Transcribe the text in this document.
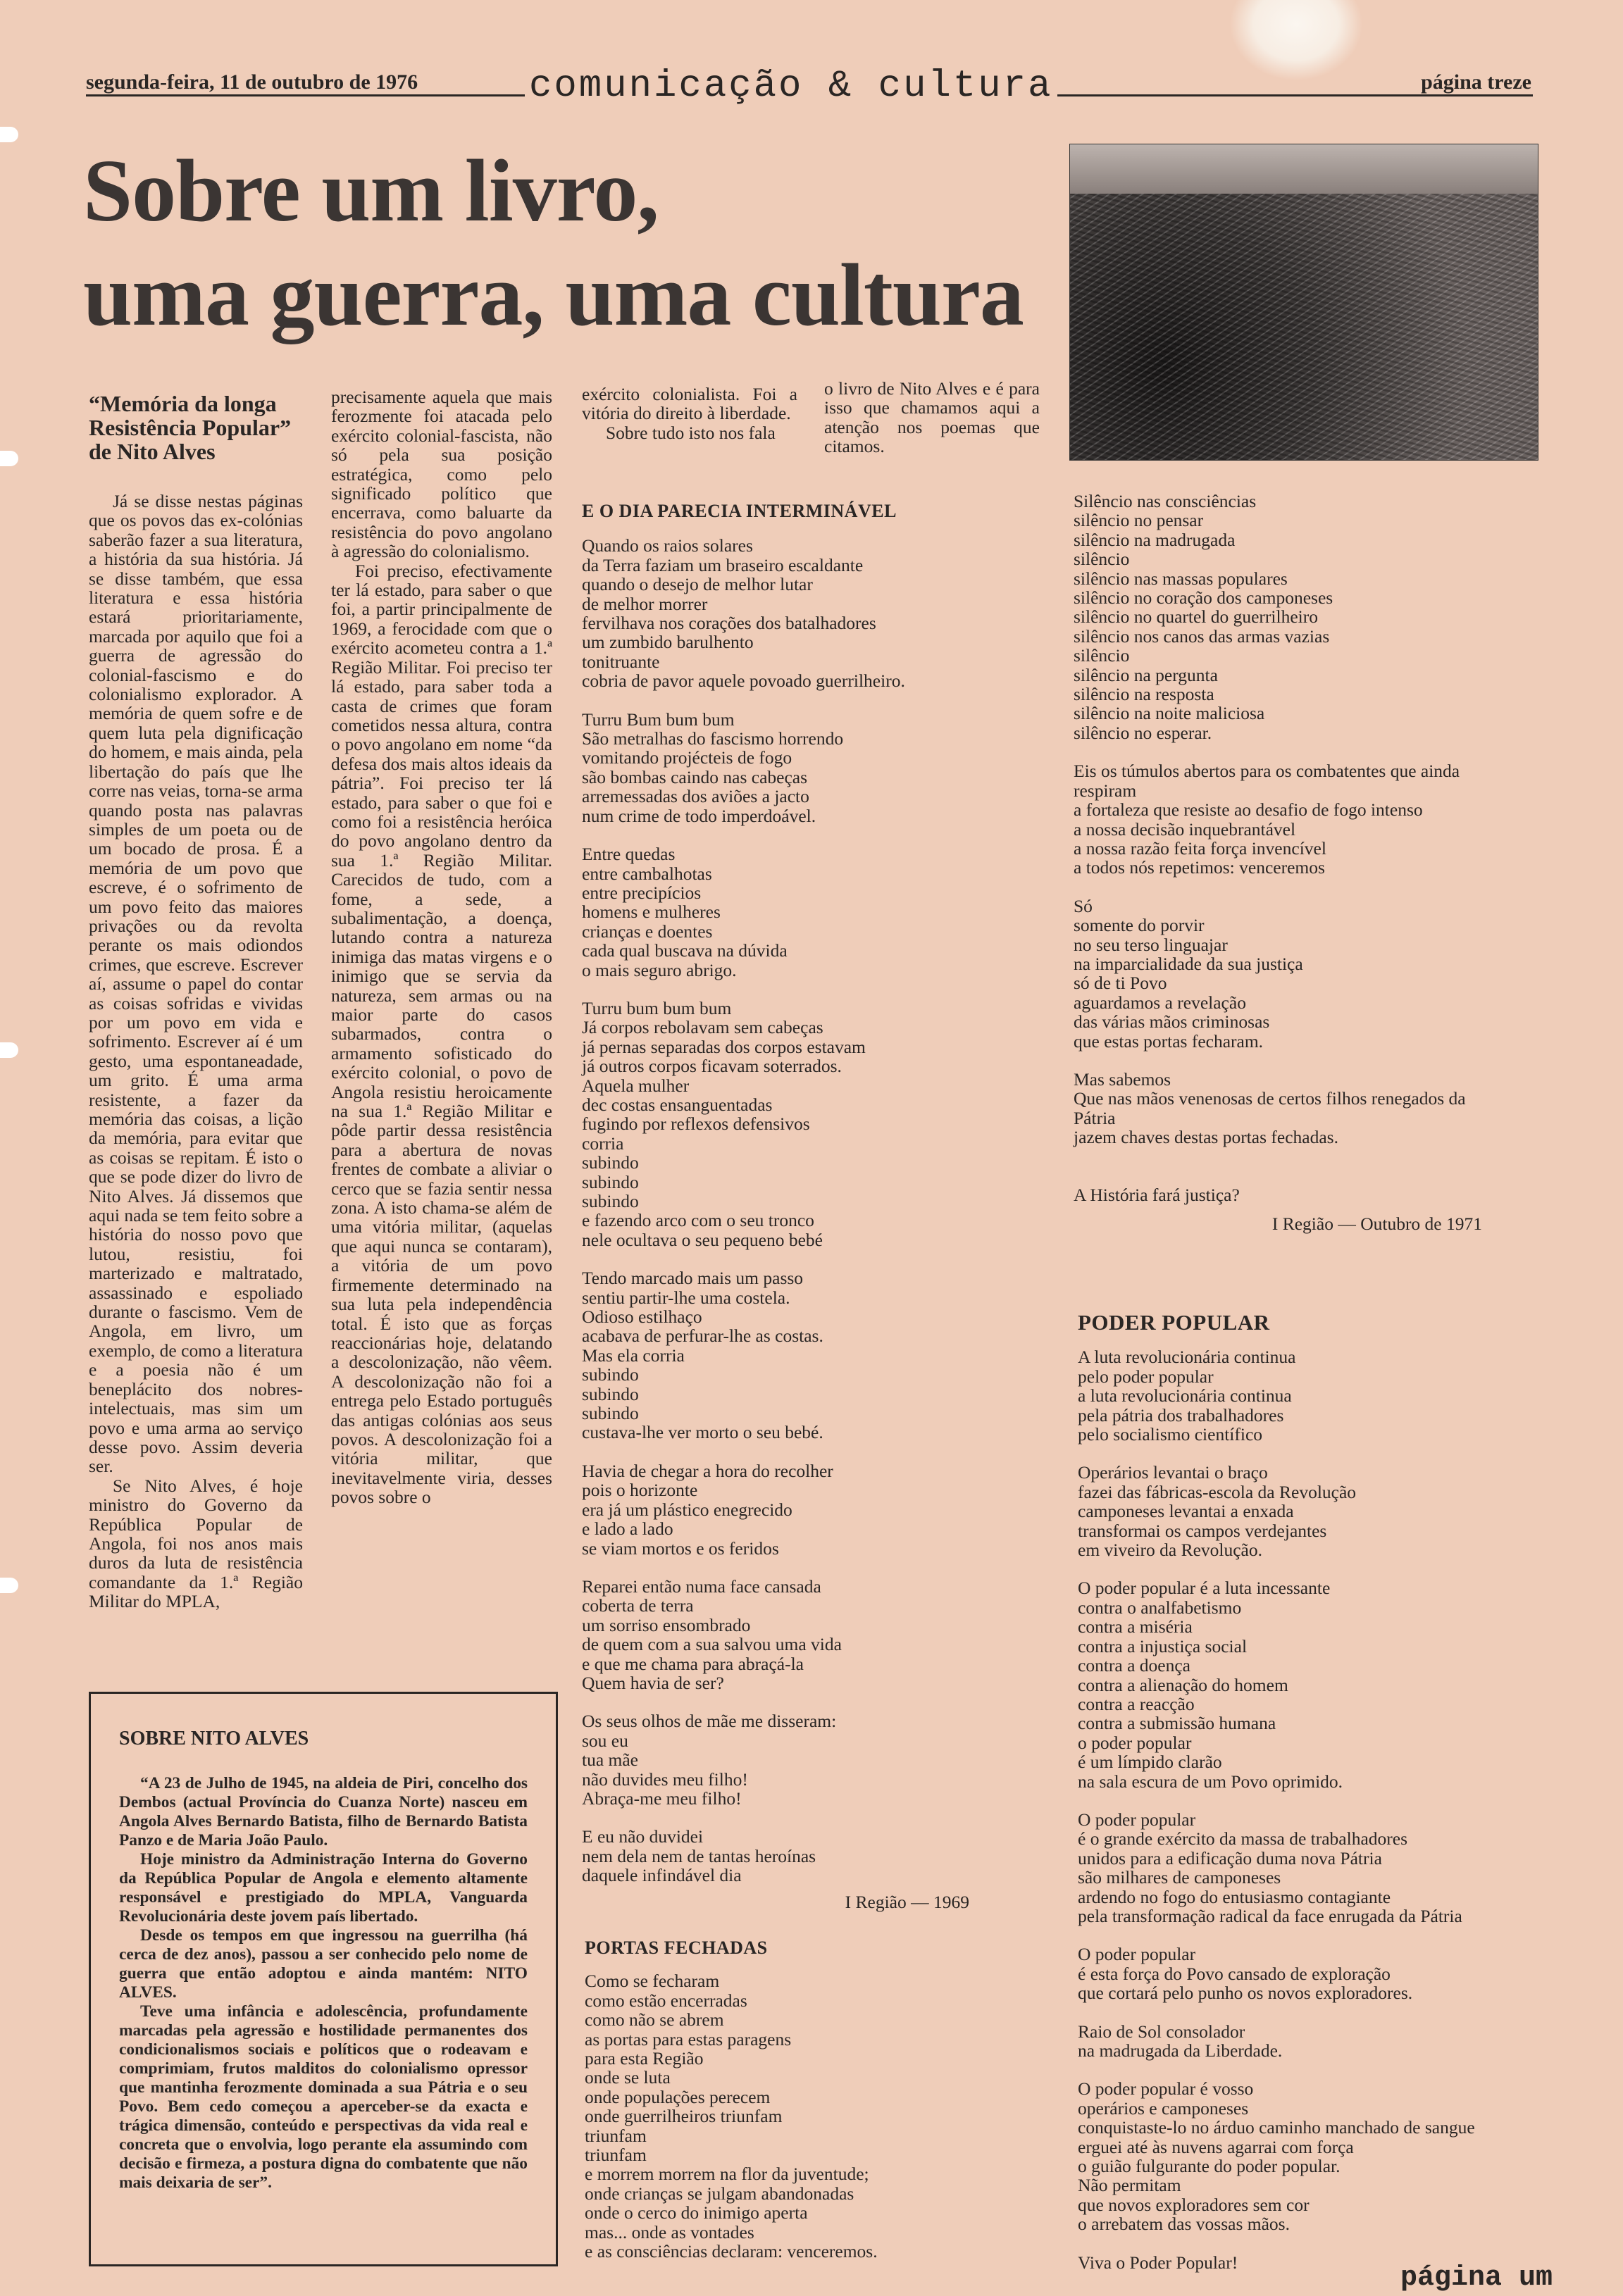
segunda-feira, 11 de outubro de 1976	comunicação & cultura	página treze
Sobre um livro,
uma guerra, uma cultura

“Memória da longa Resistência Popular” de Nito Alves

Já se disse nestas páginas que os povos das ex-colónias saberão fazer a sua literatura, a história da sua história. Já se disse também, que essa literatura e essa história estará prioritariamente, marcada por aquilo que foi a guerra de agressão do colonial-fascismo e do colonialismo explorador. A memória de quem sofre e de quem luta pela dignificação do homem, e mais ainda, pela libertação do país que lhe corre nas veias, torna-se arma quando posta nas palavras simples de um poeta ou de um bocado de prosa. É a memória de um povo que escreve, é o sofrimento de um povo feito das maiores privações ou da revolta perante os mais odiondos crimes, que escreve. Escrever aí, assume o papel do contar as coisas sofridas e vividas por um povo em vida e sofrimento. Escrever aí é um gesto, uma espontaneadade, um grito. É uma arma resistente, a fazer da memória das coisas, a lição da memória, para evitar que as coisas se repitam. É isto o que se pode dizer do livro de Nito Alves. Já dissemos que aqui nada se tem feito sobre a história do nosso povo que lutou, resistiu, foi marterizado e maltratado, assassinado e espoliado durante o fascismo. Vem de Angola, em livro, um exemplo, de como a literatura e a poesia não é um beneplácito dos nobres-intelectuais, mas sim um povo e uma arma ao serviço desse povo. Assim deveria ser.

Se Nito Alves, é hoje ministro do Governo da República Popular de Angola, foi nos anos mais duros da luta de resistência comandante da 1.ª Região Militar do MPLA,

precisamente aquela que mais ferozmente foi atacada pelo exército colonial-fascista, não só pela sua posição estratégica, como pelo significado político que encerrava, como baluarte da resistência do povo angolano à agressão do colonialismo.

Foi preciso, efectivamente ter lá estado, para saber o que foi, a partir principalmente de 1969, a ferocidade com que o exército acometeu contra a 1.ª Região Militar. Foi preciso ter lá estado, para saber toda a casta de crimes que foram cometidos nessa altura, contra o povo angolano em nome “da defesa dos mais altos ideais da pátria”. Foi preciso ter lá estado, para saber o que foi e como foi a resistência heróica do povo angolano dentro da sua 1.ª Região Militar. Carecidos de tudo, com a fome, a sede, a subalimentação, a doença, lutando contra a natureza inimiga das matas virgens e o inimigo que se servia da natureza, sem armas ou na maior parte do casos subarmados, contra o armamento sofisticado do exército colonial, o povo de Angola resistiu heroicamente na sua 1.ª Região Militar e pôde partir dessa resistência para a abertura de novas frentes de combate a aliviar o cerco que se fazia sentir nessa zona. A isto chama-se além de uma vitória militar, (aquelas que aqui nunca se contaram), a vitória de um povo firmemente determinado na sua luta pela independência total. É isto que as forças reaccionárias hoje, delatando a descolonização, não vêem. A descolonização não foi a entrega pelo Estado português das antigas colónias aos seus povos. A descolonização foi a vitória militar, que inevitavelmente viria, desses povos sobre o

exército colonialista. Foi a vitória do direito à liberdade.

Sobre tudo isto nos fala

o livro de Nito Alves e é para isso que chamamos aqui a atenção nos poemas que citamos.

E O DIA PARECIA INTERMINÁVEL
Quando os raios solares
da Terra faziam um braseiro escaldante
quando o desejo de melhor lutar
de melhor morrer
fervilhava nos corações dos batalhadores
um zumbido barulhento
tonitruante
cobria de pavor aquele povoado guerrilheiro.
Turru Bum bum bum
São metralhas do fascismo horrendo
vomitando projécteis de fogo
são bombas caindo nas cabeças
arremessadas dos aviões a jacto
num crime de todo imperdoável.
Entre quedas
entre cambalhotas
entre precipícios
homens e mulheres
crianças e doentes
cada qual buscava na dúvida
o mais seguro abrigo.
Turru bum bum bum
Já corpos rebolavam sem cabeças
já pernas separadas dos corpos estavam
já outros corpos ficavam soterrados.
Aquela mulher
dec costas ensanguentadas
fugindo por reflexos defensivos
corria
subindo
subindo
subindo
e fazendo arco com o seu tronco
nele ocultava o seu pequeno bebé
Tendo marcado mais um passo
sentiu partir-lhe uma costela.
Odioso estilhaço
acabava de perfurar-lhe as costas.
Mas ela corria
subindo
subindo
subindo
custava-lhe ver morto o seu bebé.
Havia de chegar a hora do recolher
pois o horizonte
era já um plástico enegrecido
e lado a lado
se viam mortos e os feridos
Reparei então numa face cansada
coberta de terra
um sorriso ensombrado
de quem com a sua salvou uma vida
e que me chama para abraçá-la
Quem havia de ser?
Os seus olhos de mãe me disseram:
sou eu
tua mãe
não duvides meu filho!
Abraça-me meu filho!
E eu não duvidei
nem dela nem de tantas heroínas
daquele infindável dia
I Região — 1969
PORTAS FECHADAS
Como se fecharam
como estão encerradas
como não se abrem
as portas para estas paragens
para esta Região
onde se luta
onde populações perecem
onde guerrilheiros triunfam
triunfam
triunfam
e morrem morrem na flor da juventude;
onde crianças se julgam abandonadas
onde o cerco do inimigo aperta
mas... onde as vontades
e as consciências declaram: venceremos.
Silêncio nas consciências
silêncio no pensar
silêncio na madrugada
silêncio
silêncio nas massas populares
silêncio no coração dos camponeses
silêncio no quartel do guerrilheiro
silêncio nos canos das armas vazias
silêncio
silêncio na pergunta
silêncio na resposta
silêncio na noite maliciosa
silêncio no esperar.
Eis os túmulos abertos para os combatentes que ainda
respiram
a fortaleza que resiste ao desafio de fogo intenso
a nossa decisão inquebrantável
a nossa razão feita força invencível
a todos nós repetimos: venceremos
Só
somente do porvir
no seu terso linguajar
na imparcialidade da sua justiça
só de ti Povo
aguardamos a revelação
das várias mãos criminosas
que estas portas fecharam.
Mas sabemos
Que nas mãos venenosas de certos filhos renegados da
Pátria
jazem chaves destas portas fechadas.
A História fará justiça?
I Região — Outubro de 1971
PODER POPULAR
A luta revolucionária continua
pelo poder popular
a luta revolucionária continua
pela pátria dos trabalhadores
pelo socialismo científico
Operários levantai o braço
fazei das fábricas-escola da Revolução
camponeses levantai a enxada
transformai os campos verdejantes
em viveiro da Revolução.
O poder popular é a luta incessante
contra o analfabetismo
contra a miséria
contra a injustiça social
contra a doença
contra a alienação do homem
contra a reacção
contra a submissão humana
o poder popular
é um límpido clarão
na sala escura de um Povo oprimido.
O poder popular
é o grande exército da massa de trabalhadores
unidos para a edificação duma nova Pátria
são milhares de camponeses
ardendo no fogo do entusiasmo contagiante
pela transformação radical da face enrugada da Pátria
O poder popular
é esta força do Povo cansado de exploração
que cortará pelo punho os novos exploradores.
Raio de Sol consolador
na madrugada da Liberdade.
O poder popular é vosso
operários e camponeses
conquistaste-lo no árduo caminho manchado de sangue
erguei até às nuvens agarrai com força
o guião fulgurante do poder popular.
Não permitam
que novos exploradores sem cor
o arrebatem das vossas mãos.
Viva o Poder Popular!
SOBRE NITO ALVES

“A 23 de Julho de 1945, na aldeia de Piri, concelho dos Dembos (actual Província do Cuanza Norte) nasceu em Angola Alves Bernardo Batista, filho de Bernardo Batista Panzo e de Maria João Paulo.

Hoje ministro da Administração Interna do Governo da República Popular de Angola e elemento altamente responsável e prestigiado do MPLA, Vanguarda Revolucionária deste jovem país libertado.

Desde os tempos em que ingressou na guerrilha (há cerca de dez anos), passou a ser conhecido pelo nome de guerra que então adoptou e ainda mantém: NITO ALVES.

Teve uma infância e adolescência, profundamente marcadas pela agressão e hostilidade permanentes dos condicionalismos sociais e políticos que o rodeavam e comprimiam, frutos malditos do colonialismo opressor que mantinha ferozmente dominada a sua Pátria e o seu Povo. Bem cedo começou a aperceber-se da exacta e trágica dimensão, conteúdo e perspectivas da vida real e concreta que o envolvia, logo perante ela assumindo com decisão e firmeza, a postura digna do combatente que não mais deixaria de ser”.

página um
